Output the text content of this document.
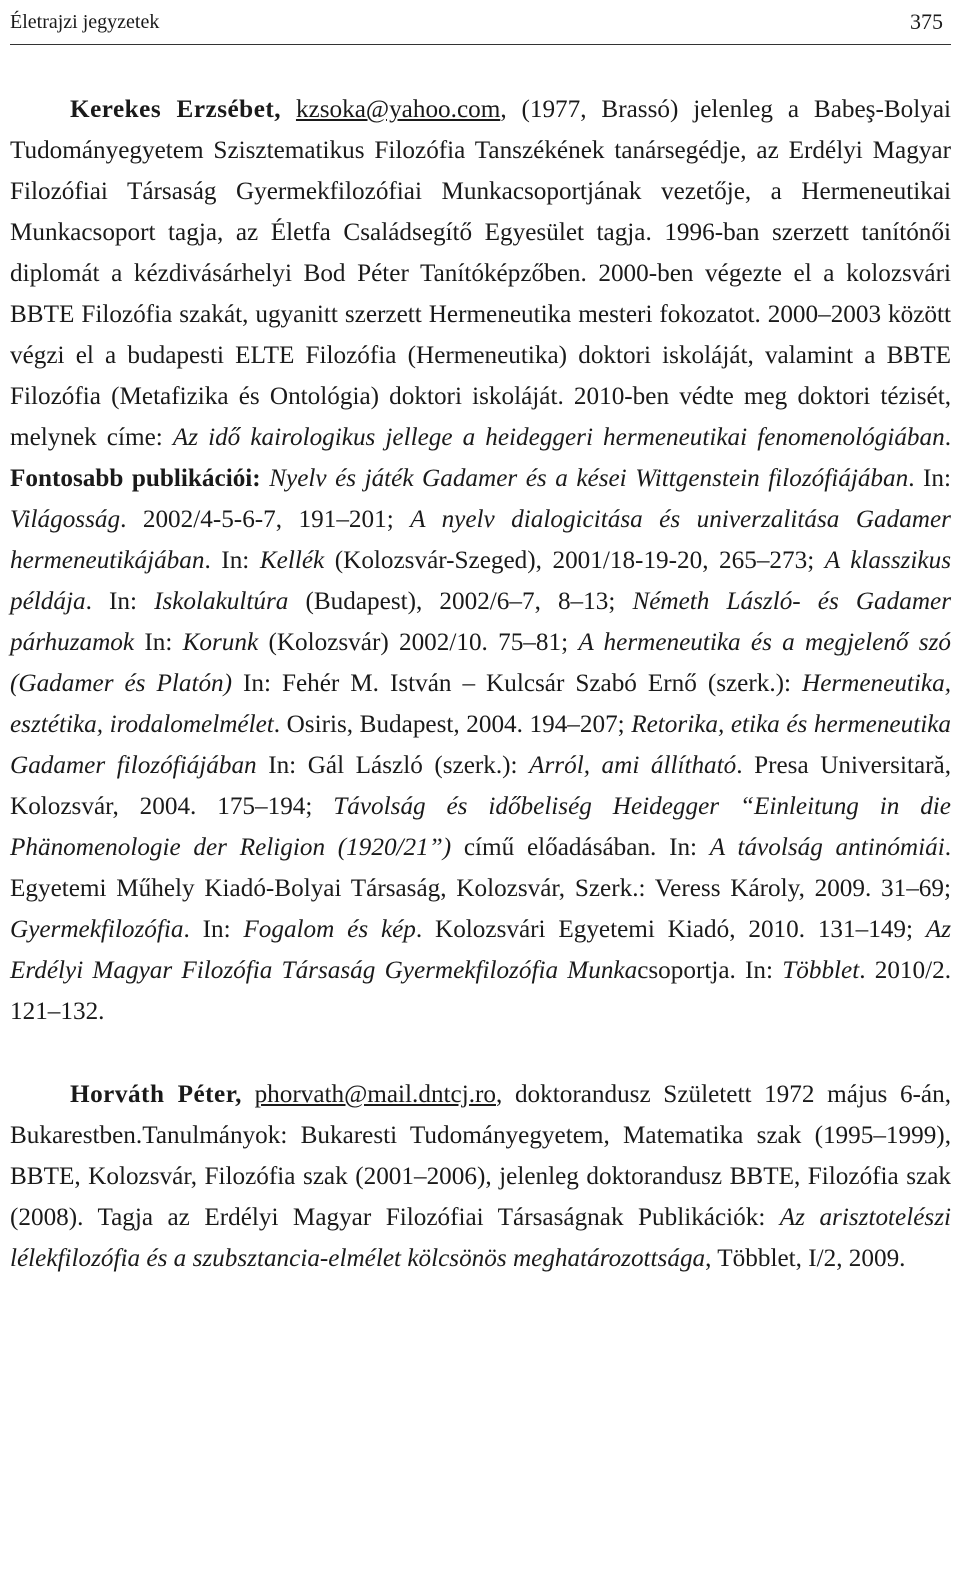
Életrajzi jegyzetek	375

Kerekes Erzsébet, kzsoka@yahoo.com, (1977, Brassó) jelenleg a Babeş-Bolyai Tudományegyetem Szisztematikus Filozófia Tanszékének tanársegédje, az Erdélyi Magyar Filozófiai Társaság Gyermekfilozófiai Munkacsoportjának vezetője, a Hermeneutikai Munkacsoport tagja, az Életfa Családsegítő Egyesület tagja. 1996-ban szerzett tanítónői diplomát a kézdivásárhelyi Bod Péter Tanítóképzőben. 2000-ben végezte el a kolozsvári BBTE Filozófia szakát, ugyanitt szerzett Hermeneutika mesteri fokozatot. 2000–2003 között végzi el a budapesti ELTE Filozófia (Hermeneutika) doktori iskoláját, valamint a BBTE Filozófia (Metafizika és Ontológia) doktori iskoláját. 2010-ben védte meg doktori tézisét, melynek címe: Az idő kairologikus jellege a heideggeri hermeneutikai fenomenológiában. Fontosabb publikációi: Nyelv és játék Gadamer és a kései Wittgenstein filozófiájában. In: Világosság. 2002/4-5-6-7, 191–201; A nyelv dialogicitása és univerzalitása Gadamer hermeneutikájában. In: Kellék (Kolozsvár-Szeged), 2001/18-19-20, 265–273; A klasszikus példája. In: Iskolakultúra (Budapest), 2002/6–7, 8–13; Németh László- és Gadamer párhuzamok In: Korunk (Kolozsvár) 2002/10. 75–81; A hermeneutika és a megjelenő szó (Gadamer és Platón) In: Fehér M. István – Kulcsár Szabó Ernő (szerk.): Hermeneutika, esztétika, irodalomelmélet. Osiris, Budapest, 2004. 194–207; Retorika, etika és hermeneutika Gadamer filozófiájában In: Gál László (szerk.): Arról, ami állítható. Presa Universitară, Kolozsvár, 2004. 175–194; Távolság és időbeliség Heidegger “Einleitung in die Phänomenologie der Religion (1920/21”) című előadásában. In: A távolság antinómiái. Egyetemi Műhely Kiadó-Bolyai Társaság, Kolozsvár, Szerk.: Veress Károly, 2009. 31–69; Gyermekfilozófia. In: Fogalom és kép. Kolozsvári Egyetemi Kiadó, 2010. 131–149; Az Erdélyi Magyar Filozófia Társaság Gyermekfilozófia Munkacsoportja. In: Többlet. 2010/2. 121–132.

Horváth Péter, phorvath@mail.dntcj.ro, doktorandusz Született 1972 május 6-án, Bukarestben.Tanulmányok: Bukaresti Tudományegyetem, Matematika szak (1995–1999), BBTE, Kolozsvár, Filozófia szak (2001–2006), jelenleg doktorandusz BBTE, Filozófia szak (2008). Tagja az Erdélyi Magyar Filozófiai Társaságnak Publikációk: Az arisztotelészi lélekfilozófia és a szubsztancia-elmélet kölcsönös meghatározottsága, Többlet, I/2, 2009.
